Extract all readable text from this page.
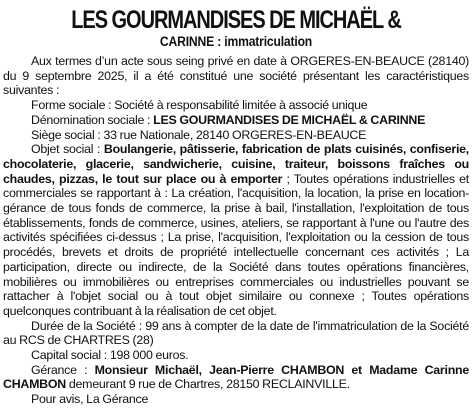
LES GOURMANDISES DE MICHAËL &
CARINNE : immatriculation

Aux termes d’un acte sous seing privé en date à ORGERES-EN-BEAUCE (28140) du 9 septembre 2025, il a été constitué une société présentant les caractéristiques suivantes :

Forme sociale : Société à responsabilité limitée à associé unique

Dénomination sociale : LES GOURMANDISES DE MICHAËL & CARINNE

Siège social : 33 rue Nationale, 28140 ORGERES-EN-BEAUCE

Objet social : Boulangerie, pâtisserie, fabrication de plats cuisinés, confiserie, chocolaterie, glacerie, sandwicherie, cuisine, traiteur, boissons fraîches ou chaudes, pizzas, le tout sur place ou à emporter ; Toutes opérations industrielles et commerciales se rapportant à : La création, l'acquisition, la location, la prise en location-gérance de tous fonds de commerce, la prise à bail, l'installation, l'exploitation de tous établissements, fonds de commerce, usines, ateliers, se rapportant à l'une ou l'autre des activités spécifiées ci-dessus ; La prise, l'acquisition, l'exploitation ou la cession de tous procédés, brevets et droits de propriété intellectuelle concernant ces activités ; La participation, directe ou indirecte, de la Société dans toutes opérations financières, mobilières ou immobilières ou entreprises commerciales ou industrielles pouvant se rattacher à l'objet social ou à tout objet similaire ou connexe ; Toutes opérations quelconques contribuant à la réalisation de cet objet.

Durée de la Société : 99 ans à compter de la date de l'immatriculation de la Société au RCS de CHARTRES (28)

Capital social : 198 000 euros.

Gérance : Monsieur Michaël, Jean-Pierre CHAMBON et Madame Carinne CHAMBON demeurant 9 rue de Chartres, 28150 RECLAINVILLE.

Pour avis, La Gérance
